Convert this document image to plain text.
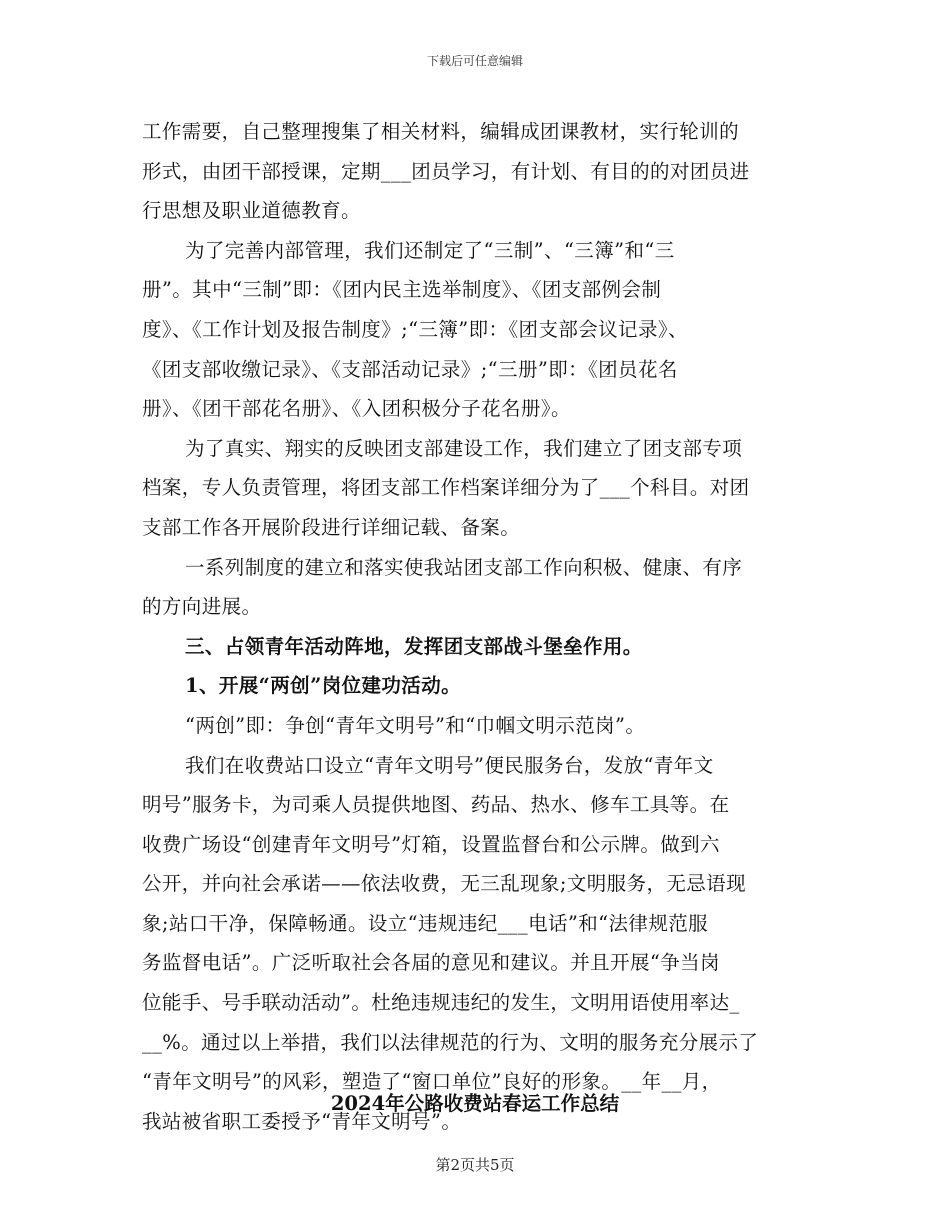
下载后可任意编辑
工作需要，自己整理搜集了相关材料，编辑成团课教材，实行轮训的
形式，由团干部授课，定期___团员学习，有计划、有目的的对团员进
行思想及职业道德教育。
为了完善内部管理，我们还制定了“三制”、“三簿”和“三
册”。其中“三制”即：《团内民主选举制度》、《团支部例会制
度》、《工作计划及报告制度》;“三簿”即：《团支部会议记录》、
《团支部收缴记录》、《支部活动记录》;“三册”即：《团员花名
册》、《团干部花名册》、《入团积极分子花名册》。
为了真实、翔实的反映团支部建设工作，我们建立了团支部专项
档案，专人负责管理，将团支部工作档案详细分为了___个科目。对团
支部工作各开展阶段进行详细记载、备案。
一系列制度的建立和落实使我站团支部工作向积极、健康、有序
的方向进展。
三、占领青年活动阵地，发挥团支部战斗堡垒作用。
1、开展“两创”岗位建功活动。
“两创”即：争创“青年文明号”和“巾帼文明示范岗”。
我们在收费站口设立“青年文明号”便民服务台，发放“青年文
明号”服务卡，为司乘人员提供地图、药品、热水、修车工具等。在
收费广场设“创建青年文明号”灯箱，设置监督台和公示牌。做到六
公开，并向社会承诺——依法收费，无三乱现象;文明服务，无忌语现
象;站口干净，保障畅通。设立“违规违纪___电话”和“法律规范服
务监督电话”。广泛听取社会各届的意见和建议。并且开展“争当岗
位能手、号手联动活动”。杜绝违规违纪的发生，文明用语使用率达_
__%。通过以上举措，我们以法律规范的行为、文明的服务充分展示了
“青年文明号”的风彩，塑造了“窗口单位”良好的形象。__年__月，
我站被省职工委授予“青年文明号”。
2024年公路收费站春运工作总结
第2页共5页
